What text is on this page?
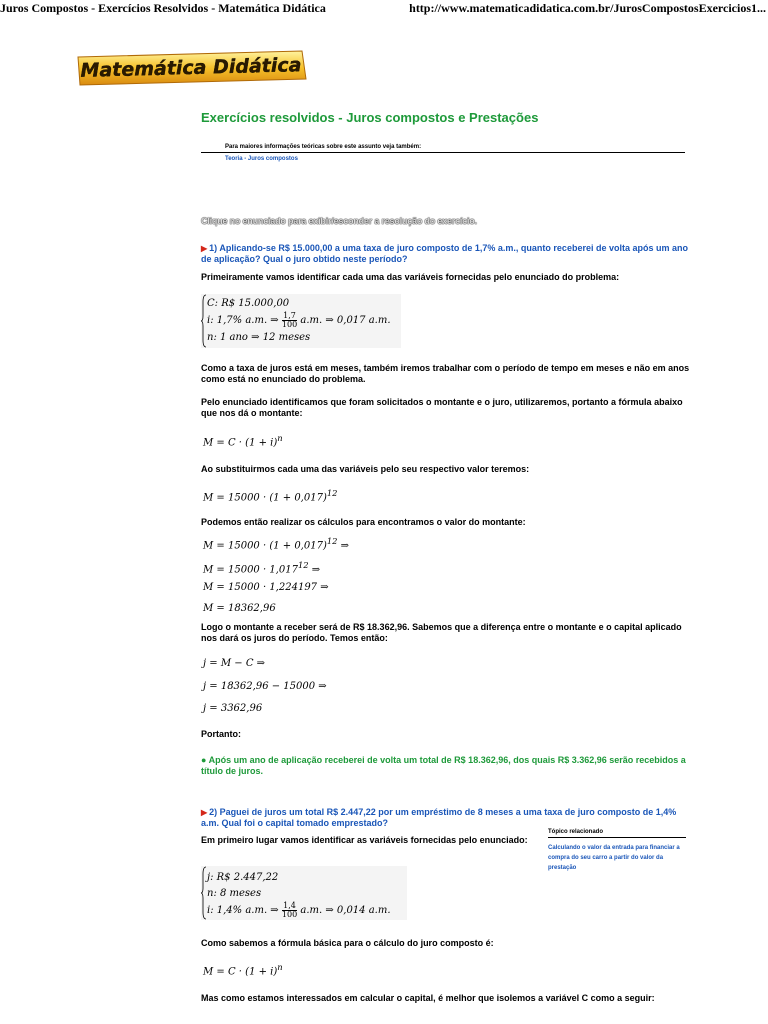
Juros Compostos - Exercícios Resolvidos - Matemática Didática	http://www.matematicadidatica.com.br/JurosCompostosExercicios1...
Matemática Didática
Exercícios resolvidos - Juros compostos e Prestações
Para maiores informações teóricas sobre este assunto veja também:
Teoria - Juros compostos
Clique no enunciado para exibir/esconder a resolução do exercício.
▶ 1) Aplicando-se R$ 15.000,00 a uma taxa de juro composto de 1,7% a.m., quanto receberei de volta após um ano de aplicação? Qual o juro obtido neste período?
Primeiramente vamos identificar cada uma das variáveis fornecidas pelo enunciado do problema:
C: R$ 15.000,00
i: 1,7% a.m. ⇒ $\frac{1,7}{100} a.m$. ⇒ 0,017 a.m.
n: 1 ano ⇒ 12 meses
Como a taxa de juros está em meses, também iremos trabalhar com o período de tempo em meses e não em anos como está no enunciado do problema.
Pelo enunciado identificamos que foram solicitados o montante e o juro, utilizaremos, portanto a fórmula abaixo que nos dá o montante:
$M = C \cdot (1 + i)^n$
Ao substituirmos cada uma das variáveis pelo seu respectivo valor teremos:
$M = 15000 \cdot (1 + 0,017)^{12}$
Podemos então realizar os cálculos para encontramos o valor do montante:
$M = 15000 \cdot (1 + 0,017)^{12}$ ⇒
$M = 15000 \cdot 1,017^{12}$ ⇒
M = 15000 · 1,224197 ⇒
M = 18362,96
Logo o montante a receber será de R$ 18.362,96. Sabemos que a diferença entre o montante e o capital aplicado nos dará os juros do período. Temos então:
j = M − C ⇒
j = 18362,96 − 15000 ⇒
j = 3362,96
Portanto:
● Após um ano de aplicação receberei de volta um total de R$ 18.362,96, dos quais R$ 3.362,96 serão recebidos a título de juros.
▶ 2) Paguei de juros um total R$ 2.447,22 por um empréstimo de 8 meses a uma taxa de juro composto de 1,4% a.m. Qual foi o capital tomado emprestado?
Tópico relacionado
Calculando o valor da entrada para financiar a compra do seu carro a partir do valor da prestação
Em primeiro lugar vamos identificar as variáveis fornecidas pelo enunciado:
j: R$ 2.447,22
n: 8 meses
i: 1,4% a.m. ⇒ $\frac{1,4}{100} a.m$. ⇒ 0,014 a.m.
Como sabemos a fórmula básica para o cálculo do juro composto é:
$M = C \cdot (1 + i)^n$
Mas como estamos interessados em calcular o capital, é melhor que isolemos a variável C como a seguir:
